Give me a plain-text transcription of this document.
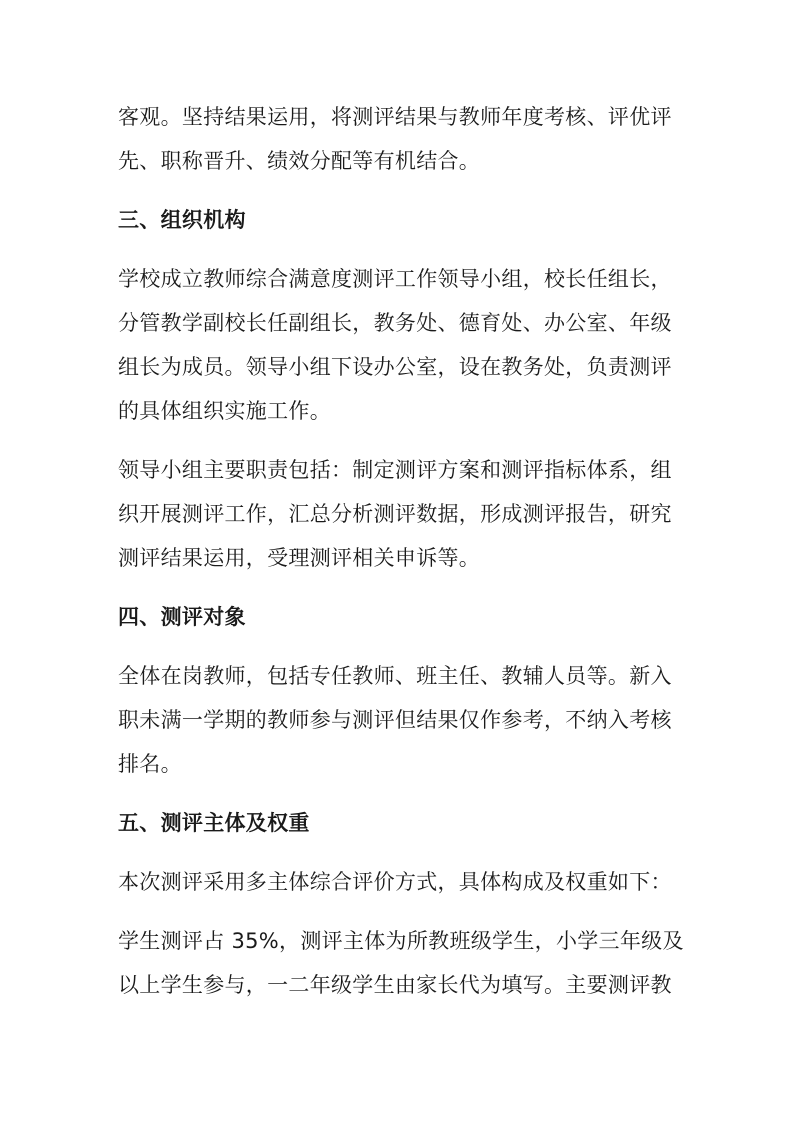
客观。坚持结果运用，将测评结果与教师年度考核、评优评
先、职称晋升、绩效分配等有机结合。
三、组织机构
学校成立教师综合满意度测评工作领导小组，校长任组长，
分管教学副校长任副组长，教务处、德育处、办公室、年级
组长为成员。领导小组下设办公室，设在教务处，负责测评
的具体组织实施工作。
领导小组主要职责包括：制定测评方案和测评指标体系，组
织开展测评工作，汇总分析测评数据，形成测评报告，研究
测评结果运用，受理测评相关申诉等。
四、测评对象
全体在岗教师，包括专任教师、班主任、教辅人员等。新入
职未满一学期的教师参与测评但结果仅作参考，不纳入考核
排名。
五、测评主体及权重
本次测评采用多主体综合评价方式，具体构成及权重如下：
学生测评占 35%，测评主体为所教班级学生，小学三年级及
以上学生参与，一二年级学生由家长代为填写。主要测评教
